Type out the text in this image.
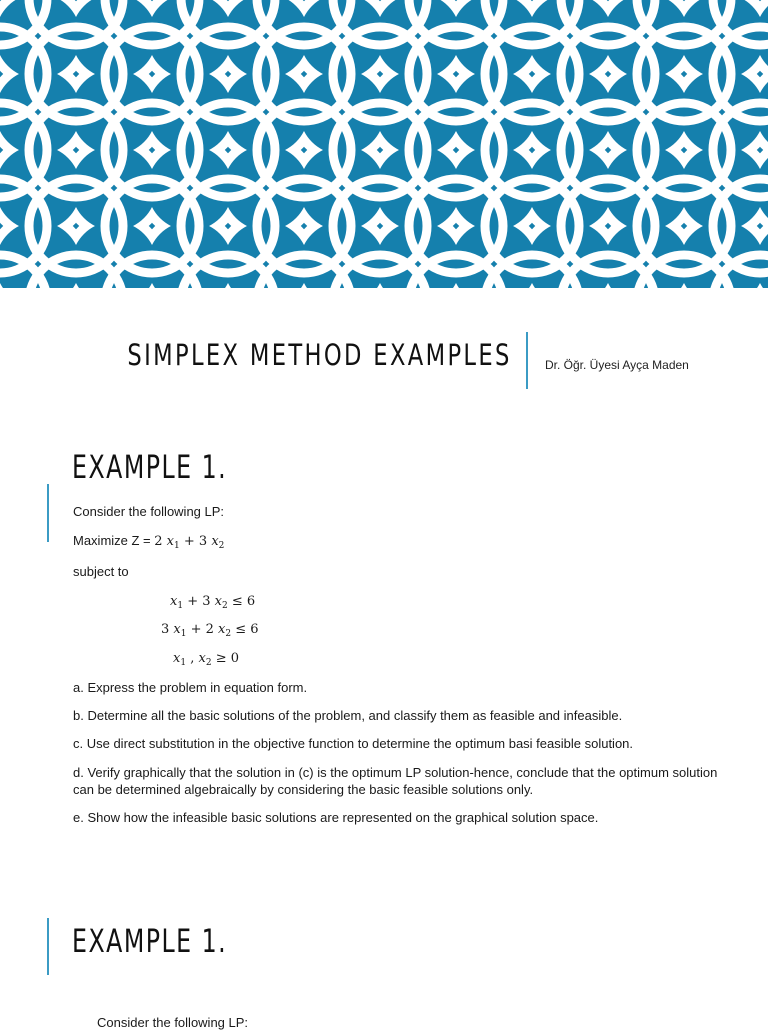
SIMPLEX METHOD EXAMPLES	Dr. Öğr. Üyesi Ayça Maden
EXAMPLE 1.
Consider the following LP:
Maximize Z = 2 $x_1 + 3$ $x_2$
subject to
$x_1 + 3$ $x_2 \le 6$
3 $x_1 + 2$ $x_2 \le 6$
$x_1$ , $x_2 \ge 0$
a. Express the problem in equation form.
b. Determine all the basic solutions of the problem, and classify them as feasible and infeasible.
c. Use direct substitution in the objective function to determine the optimum basi feasible solution.
d. Verify graphically that the solution in (c) is the optimum LP solution-hence, conclude that the optimum solution can be determined algebraically by considering the basic feasible solutions only.
e. Show how the infeasible basic solutions are represented on the graphical solution space.
EXAMPLE 1.
Consider the following LP:
